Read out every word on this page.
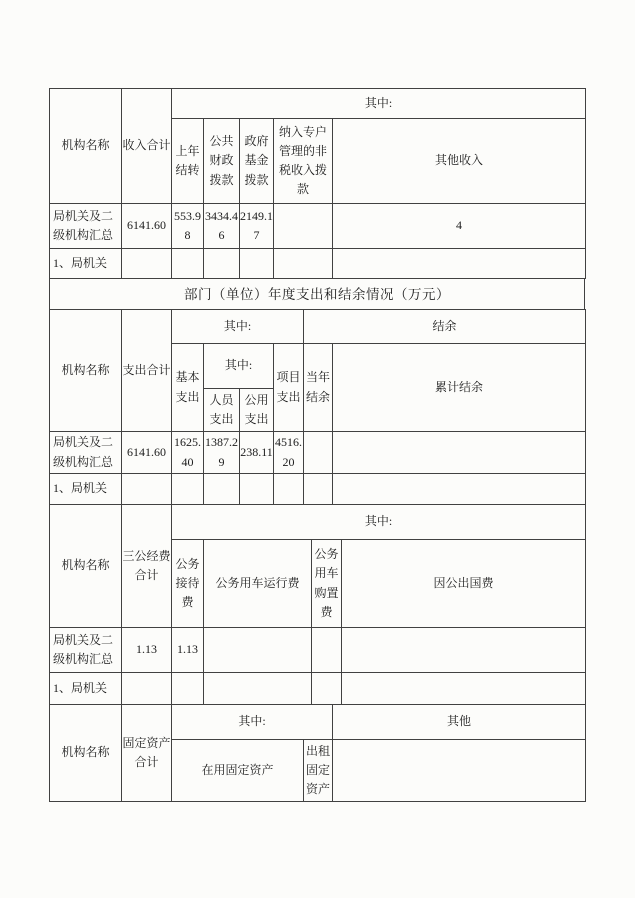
机构名称	收入合计	其中:				
		上年结转	公共财政拨款	政府基金拨款	纳入专户管理的非税收入拨款	其他收入
局机关及二级机构汇总	6141.60	553.98	3434.46	2149.17		4
1、局机关						
部门（单位）年度支出和结余情况（万元）
机构名称	支出合计	其中:				结余	
		基本支出	其中:		项目支出	当年结余	累计结余
			人员支出	公用支出			
局机关及二级机构汇总	6141.60	1625.40	1387.29	238.11	4516.20		
1、局机关							
机构名称	三公经费合计	其中:			
		公务接待费	公务用车运行费	公务用车购置费	因公出国费
局机关及二级机构汇总	1.13	1.13			
1、局机关					
机构名称	固定资产合计	其中:		其他
		在用固定资产	出租固定资产	
